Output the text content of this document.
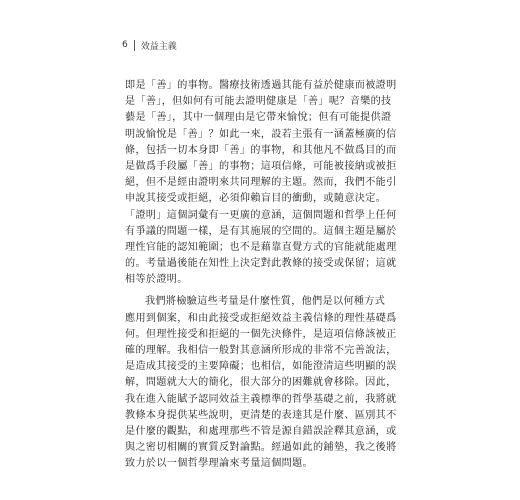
6 效益主義
即是「善」的事物。醫療技術透過其能有益於健康而被證明
是「善」，但如何有可能去證明健康是「善」呢？音樂的技
藝是「善」，其中一個理由是它帶來愉悅；但有可能提供證
明說愉悅是「善」？如此一來，設若主張有一涵蓋極廣的信
條，包括一切本身即「善」的事物，和其他凡不做爲目的而
是做爲手段屬「善」的事物；這項信條，可能被接納或被拒
絕，但不是經由證明來共同理解的主題。然而，我們不能引
申說其接受或拒絕，必須仰賴盲目的衝動，或隨意決定。
「證明」這個詞彙有一更廣的意涵，這個問題和哲學上任何
有爭議的問題一樣，是有其施展的空間的。這個主題是屬於
理性官能的認知範圍；也不是藉靠直覺方式的官能就能處理
的。考量過後能在知性上決定對此教條的接受或保留；這就
相等於證明。
我們將檢驗這些考量是什麼性質，他們是以何種方式
應用到個案，和由此接受或拒絕效益主義信條的理性基礎爲
何。但理性接受和拒絕的一個先決條件，是這項信條該被正
確的理解。我相信一般對其意涵所形成的非常不完善說法，
是造成其接受的主要障礙；也相信，如能澄清這些明顯的誤
解，問題就大大的簡化，很大部分的困難就會移除。因此，
我在進入能賦予認同效益主義標準的哲學基礎之前，我將就
教條本身提供某些說明，更清楚的表達其是什麼、區別其不
是什麼的觀點，和處理那些不管是源自錯誤詮釋其意涵，或
與之密切相關的實質反對論點。經過如此的鋪墊，我之後將
致力於以一個哲學理論來考量這個問題。
